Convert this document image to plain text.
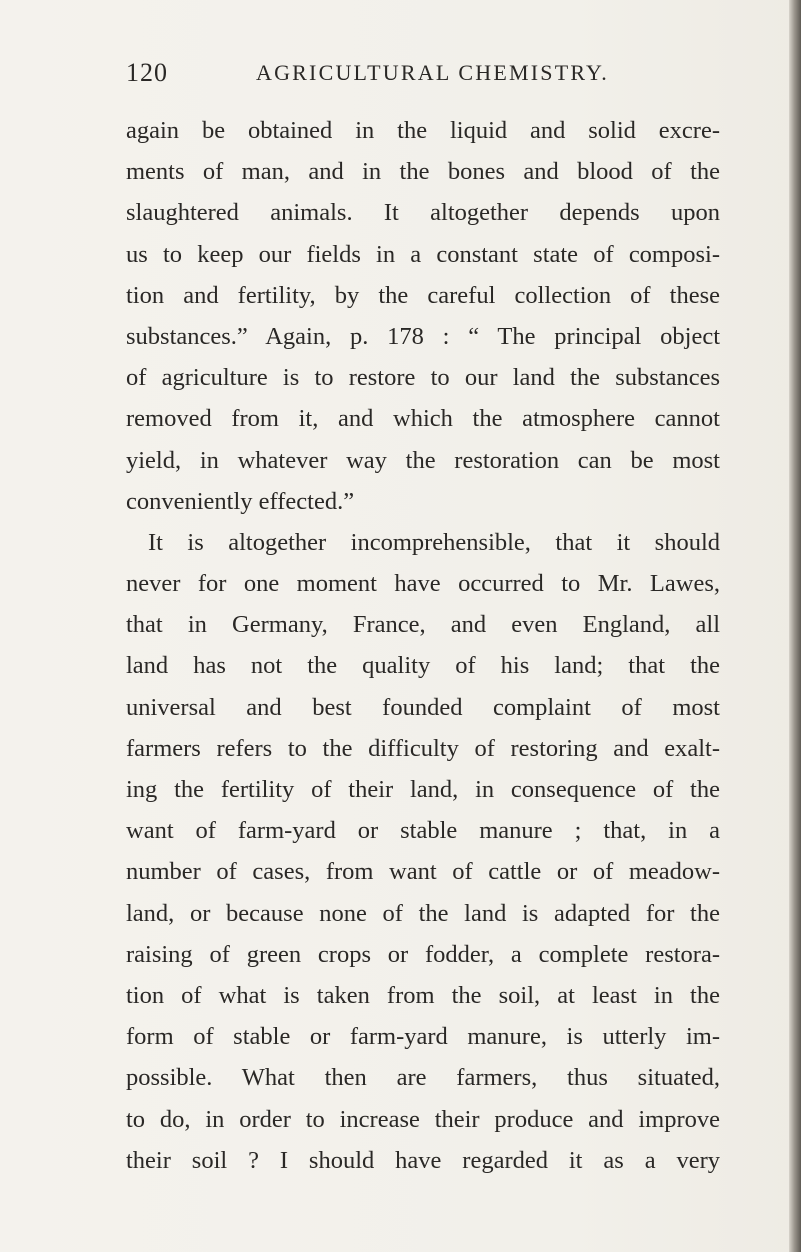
120	AGRICULTURAL CHEMISTRY.
again be obtained in the liquid and solid excre-
ments of man, and in the bones and blood of the
slaughtered animals. It altogether depends upon
us to keep our fields in a constant state of composi-
tion and fertility, by the careful collection of these
substances.” Again, p. 178 : “ The principal object
of agriculture is to restore to our land the substances
removed from it, and which the atmosphere cannot
yield, in whatever way the restoration can be most
conveniently effected.”
It is altogether incomprehensible, that it should
never for one moment have occurred to Mr. Lawes,
that in Germany, France, and even England, all
land has not the quality of his land; that the
universal and best founded complaint of most
farmers refers to the difficulty of restoring and exalt-
ing the fertility of their land, in consequence of the
want of farm-yard or stable manure ; that, in a
number of cases, from want of cattle or of meadow-
land, or because none of the land is adapted for the
raising of green crops or fodder, a complete restora-
tion of what is taken from the soil, at least in the
form of stable or farm-yard manure, is utterly im-
possible. What then are farmers, thus situated,
to do, in order to increase their produce and improve
their soil ? I should have regarded it as a very
